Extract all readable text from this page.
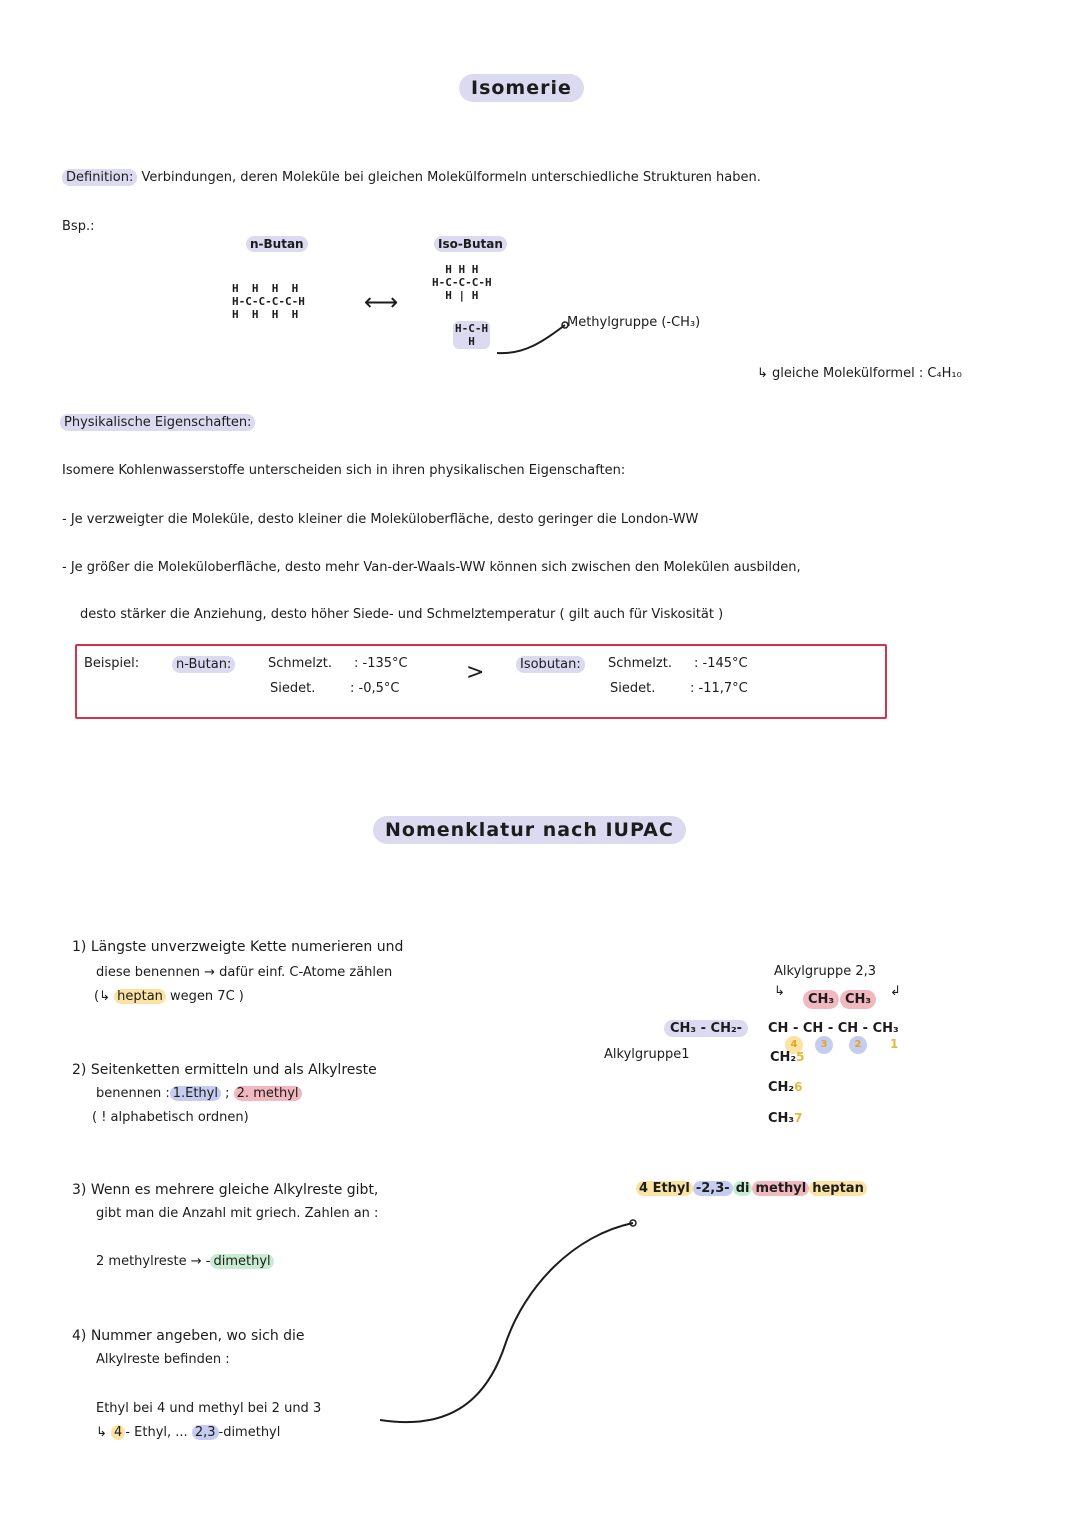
Isomerie
Definition: Verbindungen, deren Moleküle bei gleichen Molekülformeln unterschiedliche Strukturen haben.
Bsp.:
n-Butan
H  H  H  H
H-C-C-C-C-H
H  H  H  H	⟷
Iso-Butan
H H H
H-C-C-C-H
H | H
H-C-H
H
Methylgruppe (-CH₃)
↳ gleiche Molekülformel : C₄H₁₀
Physikalische Eigenschaften:
Isomere Kohlenwasserstoffe unterscheiden sich in ihren physikalischen Eigenschaften:
- Je verzweigter die Moleküle, desto kleiner die Moleküloberfläche, desto geringer die London-WW
- Je größer die Moleküloberfläche, desto mehr Van-der-Waals-WW können sich zwischen den Molekülen ausbilden,
desto stärker die Anziehung, desto höher Siede- und Schmelztemperatur ( gilt auch für Viskosität )
Beispiel:	n-Butan:	Schmelzt. : -135°C
Siedet.	: -0,5°C
>	Isobutan:	Schmelzt. : -145°C
Siedet.	: -11,7°C
Nomenklatur nach IUPAC
1) Längste unverzweigte Kette numerieren und
diese benennen → dafür einf. C-Atome zählen
(↳ heptan wegen 7C )
2) Seitenketten ermitteln und als Alkylreste
benennen : 1.Ethyl ; 2. methyl
( ! alphabetisch ordnen)
3) Wenn es mehrere gleiche Alkylreste gibt,
gibt man die Anzahl mit griech. Zahlen an :
2 methylreste → - dimethyl
4) Nummer angeben, wo sich die
Alkylreste befinden :
Ethyl bei 4 und methyl bei 2 und 3
↳ 4 - Ethyl, ... 2,3 -dimethyl
Alkylgruppe 2,3
↳	↲
CH₃ CH₃
CH₃ - CH₂-	CH - CH - CH - CH₃
Alkylgruppe1
4	3	2	1
CH₂5
CH₂6
CH₃7
4 Ethyl -2,3- di methyl heptan
